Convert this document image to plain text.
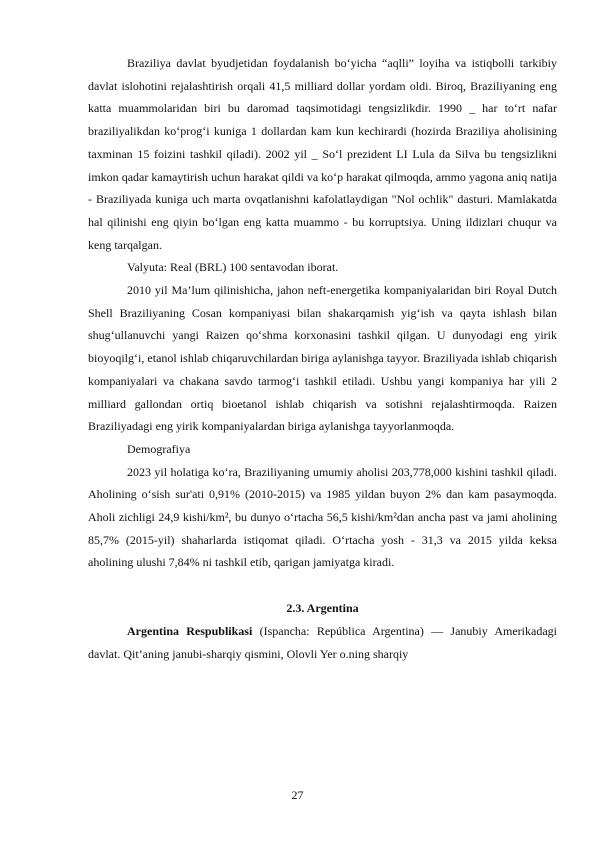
Braziliya davlat byudjetidan foydalanish bo‘yicha “aqlli” loyiha va istiqbolli tarkibiy davlat islohotini rejalashtirish orqali 41,5 milliard dollar yordam oldi. Biroq, Braziliyaning eng katta muammolaridan biri bu daromad taqsimotidagi tengsizlikdir. 1990 _ har to‘rt nafar braziliyalikdan ko‘prog‘i kuniga 1 dollardan kam kun kechirardi (hozirda Braziliya aholisining taxminan 15 foizini tashkil qiladi). 2002 yil _ So‘l prezident LI Lula da Silva bu tengsizlikni imkon qadar kamaytirish uchun harakat qildi va ko‘p harakat qilmoqda, ammo yagona aniq natija - Braziliyada kuniga uch marta ovqatlanishni kafolatlaydigan "Nol ochlik" dasturi. Mamlakatda hal qilinishi eng qiyin bo‘lgan eng katta muammo - bu korruptsiya. Uning ildizlari chuqur va keng tarqalgan.

Valyuta: Real (BRL) 100 sentavodan iborat.

2010 yil Ma’lum qilinishicha, jahon neft-energetika kompaniyalaridan biri Royal Dutch Shell Braziliyaning Cosan kompaniyasi bilan shakarqamish yig‘ish va qayta ishlash bilan shug‘ullanuvchi yangi Raizen qo‘shma korxonasini tashkil qilgan. U dunyodagi eng yirik bioyoqilg‘i, etanol ishlab chiqaruvchilardan biriga aylanishga tayyor. Braziliyada ishlab chiqarish kompaniyalari va chakana savdo tarmog‘i tashkil etiladi. Ushbu yangi kompaniya har yili 2 milliard gallondan ortiq bioetanol ishlab chiqarish va sotishni rejalashtirmoqda. Raizen Braziliyadagi eng yirik kompaniyalardan biriga aylanishga tayyorlanmoqda.

Demografiya

2023 yil holatiga ko‘ra, Braziliyaning umumiy aholisi 203,778,000 kishini tashkil qiladi. Aholining o‘sish sur'ati 0,91% (2010-2015) va 1985 yildan buyon 2% dan kam pasaymoqda. Aholi zichligi 24,9 kishi/km², bu dunyo o‘rtacha 56,5 kishi/km²dan ancha past va jami aholining 85,7% (2015-yil) shaharlarda istiqomat qiladi. O‘rtacha yosh - 31,3 va 2015 yilda keksa aholining ulushi 7,84% ni tashkil etib, qarigan jamiyatga kiradi.

2.3. Argentina

Argentina Respublikasi (Ispancha: República Argentina) — Janubiy Amerikadagi davlat. Qit’aning janubi-sharqiy qismini, Olovli Yer o.ning sharqiy

27
